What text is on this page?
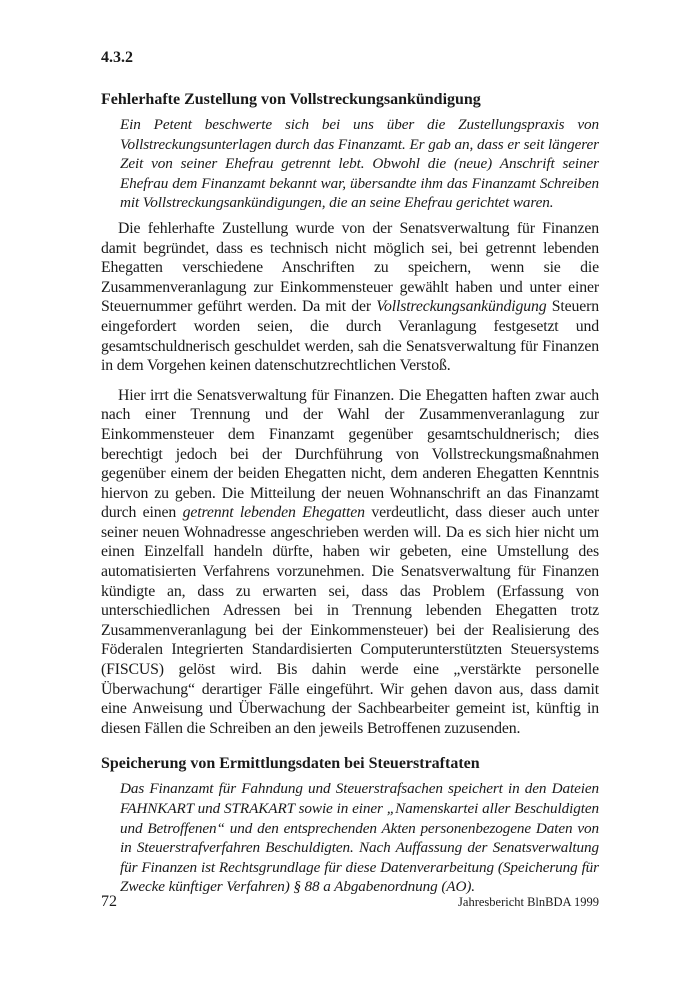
4.3.2

Fehlerhafte Zustellung von Vollstreckungsankündigung

Ein Petent beschwerte sich bei uns über die Zustellungspraxis von Vollstreckungsunterlagen durch das Finanzamt. Er gab an, dass er seit längerer Zeit von seiner Ehefrau getrennt lebt. Obwohl die (neue) Anschrift seiner Ehefrau dem Finanzamt bekannt war, übersandte ihm das Finanzamt Schreiben mit Vollstreckungsankündigungen, die an seine Ehefrau gerichtet waren.

Die fehlerhafte Zustellung wurde von der Senatsverwaltung für Finanzen damit begründet, dass es technisch nicht möglich sei, bei getrennt lebenden Ehegatten verschiedene Anschriften zu speichern, wenn sie die Zusammenveranlagung zur Einkommensteuer gewählt haben und unter einer Steuernummer geführt werden. Da mit der Vollstreckungsankündigung Steuern eingefordert worden seien, die durch Veranlagung festgesetzt und gesamtschuldnerisch geschuldet werden, sah die Senatsverwaltung für Finanzen in dem Vorgehen keinen datenschutzrechtlichen Verstoß.

Hier irrt die Senatsverwaltung für Finanzen. Die Ehegatten haften zwar auch nach einer Trennung und der Wahl der Zusammenveranlagung zur Einkommensteuer dem Finanzamt gegenüber gesamtschuldnerisch; dies berechtigt jedoch bei der Durchführung von Vollstreckungsmaßnahmen gegenüber einem der beiden Ehegatten nicht, dem anderen Ehegatten Kenntnis hiervon zu geben. Die Mitteilung der neuen Wohnanschrift an das Finanzamt durch einen getrennt lebenden Ehegatten verdeutlicht, dass dieser auch unter seiner neuen Wohnadresse angeschrieben werden will. Da es sich hier nicht um einen Einzelfall handeln dürfte, haben wir gebeten, eine Umstellung des automatisierten Verfahrens vorzunehmen. Die Senatsverwaltung für Finanzen kündigte an, dass zu erwarten sei, dass das Problem (Erfassung von unterschiedlichen Adressen bei in Trennung lebenden Ehegatten trotz Zusammenveranlagung bei der Einkommensteuer) bei der Realisierung des Föderalen Integrierten Standardisierten Computerunterstützten Steuersystems (FISCUS) gelöst wird. Bis dahin werde eine „verstärkte personelle Überwachung“ derartiger Fälle eingeführt. Wir gehen davon aus, dass damit eine Anweisung und Überwachung der Sachbearbeiter gemeint ist, künftig in diesen Fällen die Schreiben an den jeweils Betroffenen zuzusenden.

Speicherung von Ermittlungsdaten bei Steuerstraftaten

Das Finanzamt für Fahndung und Steuerstrafsachen speichert in den Dateien FAHNKART und STRAKART sowie in einer „Namenskartei aller Beschuldigten und Betroffenen“ und den entsprechenden Akten personenbezogene Daten von in Steuerstrafverfahren Beschuldigten. Nach Auffassung der Senatsverwaltung für Finanzen ist Rechtsgrundlage für diese Datenverarbeitung (Speicherung für Zwecke künftiger Verfahren) § 88 a Abgabenordnung (AO).

72	Jahresbericht BlnBDA 1999
